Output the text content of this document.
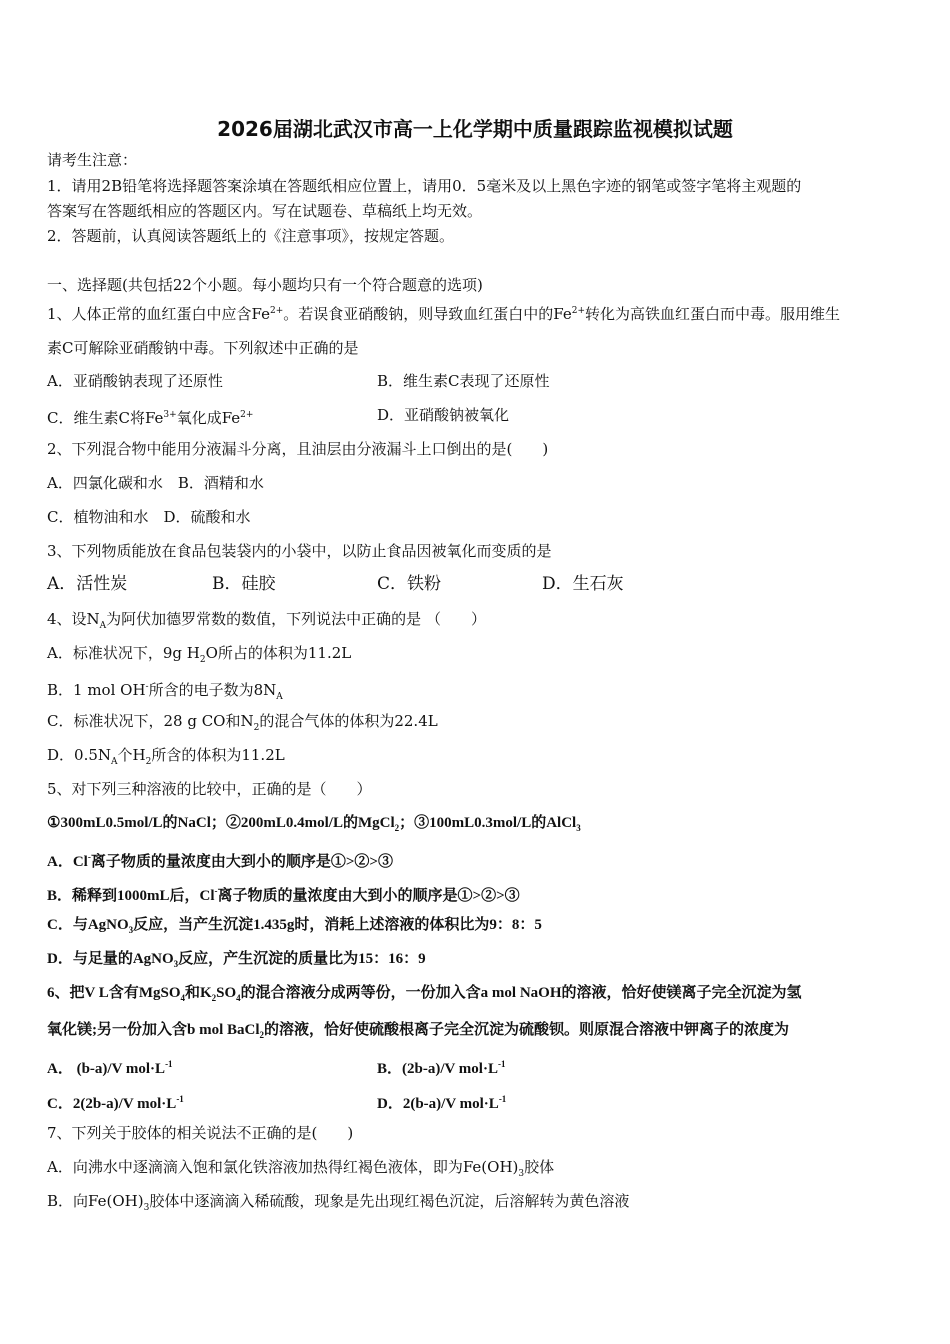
2026届湖北武汉市高一上化学期中质量跟踪监视模拟试题
请考生注意：
1．请用2B铅笔将选择题答案涂填在答题纸相应位置上，请用0．5毫米及以上黑色字迹的钢笔或签字笔将主观题的
答案写在答题纸相应的答题区内。写在试题卷、草稿纸上均无效。
2．答题前，认真阅读答题纸上的《注意事项》，按规定答题。
一、选择题(共包括22个小题。每小题均只有一个符合题意的选项)
1、人体正常的血红蛋白中应含$Fe^{2+}$。若误食亚硝酸钠，则导致血红蛋白中的$Fe^{2+}$转化为高铁血红蛋白而中毒。服用维生
素C可解除亚硝酸钠中毒。下列叙述中正确的是
A．亚硝酸钠表现了还原性	B．维生素C表现了还原性
C．维生素C将$Fe^{3+}$氧化成$Fe^{2+}$	D．亚硝酸钠被氧化
2、下列混合物中能用分液漏斗分离，且油层由分液漏斗上口倒出的是(　　)
A．四氯化碳和水　B．酒精和水
C．植物油和水　D．硫酸和水
3、下列物质能放在食品包装袋内的小袋中，以防止食品因被氧化而变质的是
A．活性炭	B．硅胶	C．铁粉	D．生石灰
4、设$N_A$为阿伏加德罗常数的数值，下列说法中正确的是 （　　）
A．标准状况下，9g $H_2O$所占的体积为11.2L
B．1 mol OH-所含的电子数为$8N_A$
C．标准状况下，28 g CO和$N_2$的混合气体的体积为22.4L
D．$0.5N_A$个$H_2$所含的体积为11.2L
5、对下列三种溶液的比较中，正确的是（　　）
①300mL0.5mol/L的NaCl；②200mL0.4mol/L的MgCl$_2$；③100mL0.3mol/L的AlCl$_3$
A．Cl-离子物质的量浓度由大到小的顺序是①>②>③
B．稀释到1000mL后，Cl-离子物质的量浓度由大到小的顺序是①>②>③
C．与AgNO$_3$反应，当产生沉淀1.435g时，消耗上述溶液的体积比为9：8：5
D．与足量的AgNO$_3$反应，产生沉淀的质量比为15：16：9
6、把V L含有MgSO$_4$和$K_2SO_4$的混合溶液分成两等份，一份加入含a mol NaOH的溶液，恰好使镁离子完全沉淀为氢
氧化镁;另一份加入含b mol BaCl$_2$的溶液，恰好使硫酸根离子完全沉淀为硫酸钡。则原混合溶液中钾离子的浓度为
A． (b-a)/V $mol\cdot L^{-1}$	B．(2b-a)/V $mol\cdot L^{-1}$
C．2(2b-a)/V $mol\cdot L^{-1}$	D．2(b-a)/V $mol\cdot L^{-1}$
7、下列关于胶体的相关说法不正确的是(　　)
A．向沸水中逐滴滴入饱和氯化铁溶液加热得红褐色液体，即为$Fe(OH)_3$胶体
B．向$Fe(OH)_3$胶体中逐滴滴入稀硫酸，现象是先出现红褐色沉淀，后溶解转为黄色溶液
